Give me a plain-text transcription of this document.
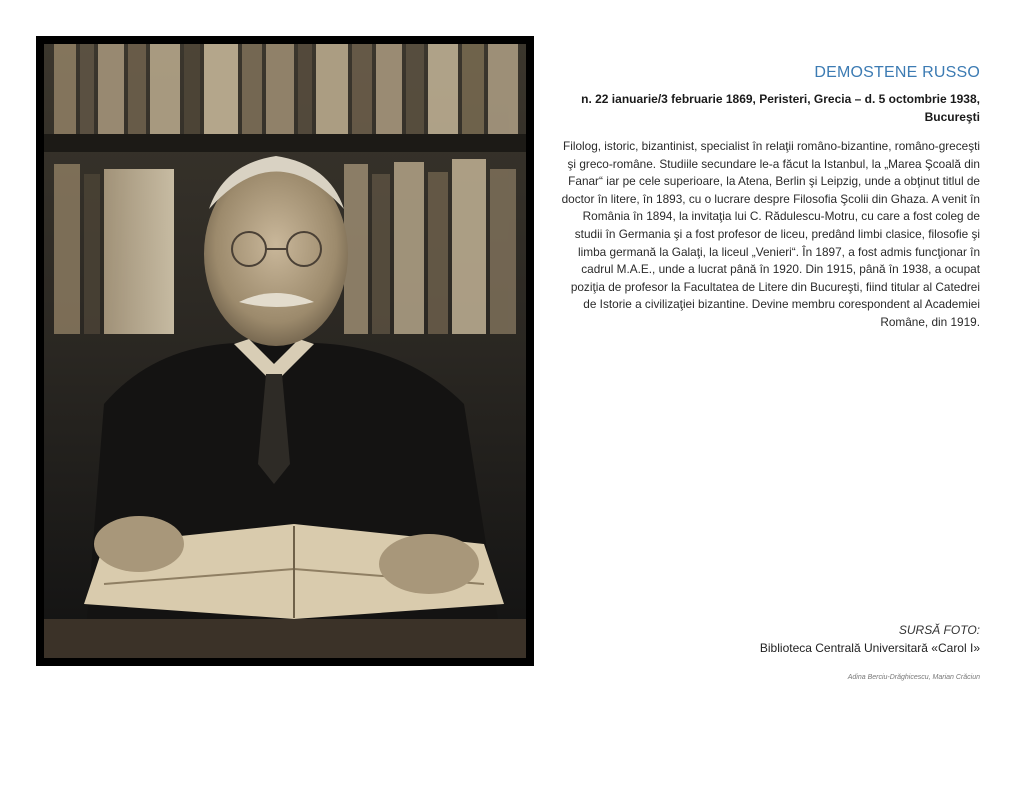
DEMOSTENE RUSSO
n. 22 ianuarie/3 februarie 1869, Peristeri, Grecia – d. 5 octombrie 1938, Bucureşti
Filolog, istoric, bizantinist, specialist în relaţii româno-bizantine, româno-greceşti şi greco-române. Studiile secundare le-a făcut la Istanbul, la „Marea Şcoală din Fanar“ iar pe cele superioare, la Atena, Berlin şi Leipzig, unde a obţinut titlul de doctor în litere, în 1893, cu o lucrare despre Filosofia Şcolii din Ghaza. A venit în România în 1894, la invitaţia lui C. Rădulescu-Motru, cu care a fost coleg de studii în Germania şi a fost profesor de liceu, predând limbi clasice, filosofie şi limba germană la Galaţi, la liceul „Venieri“. În 1897, a fost admis funcţionar în cadrul M.A.E., unde a lucrat până în 1920. Din 1915, până în 1938, a ocupat poziţia de profesor la Facultatea de Litere din Bucureşti, fiind titular al Catedrei de Istorie a civilizaţiei bizantine. Devine membru corespondent al Academiei Române, din 1919.
SURSĂ FOTO:
Biblioteca Centrală Universitară «Carol I»
Adina Berciu-Drăghicescu, Marian Crăciun
